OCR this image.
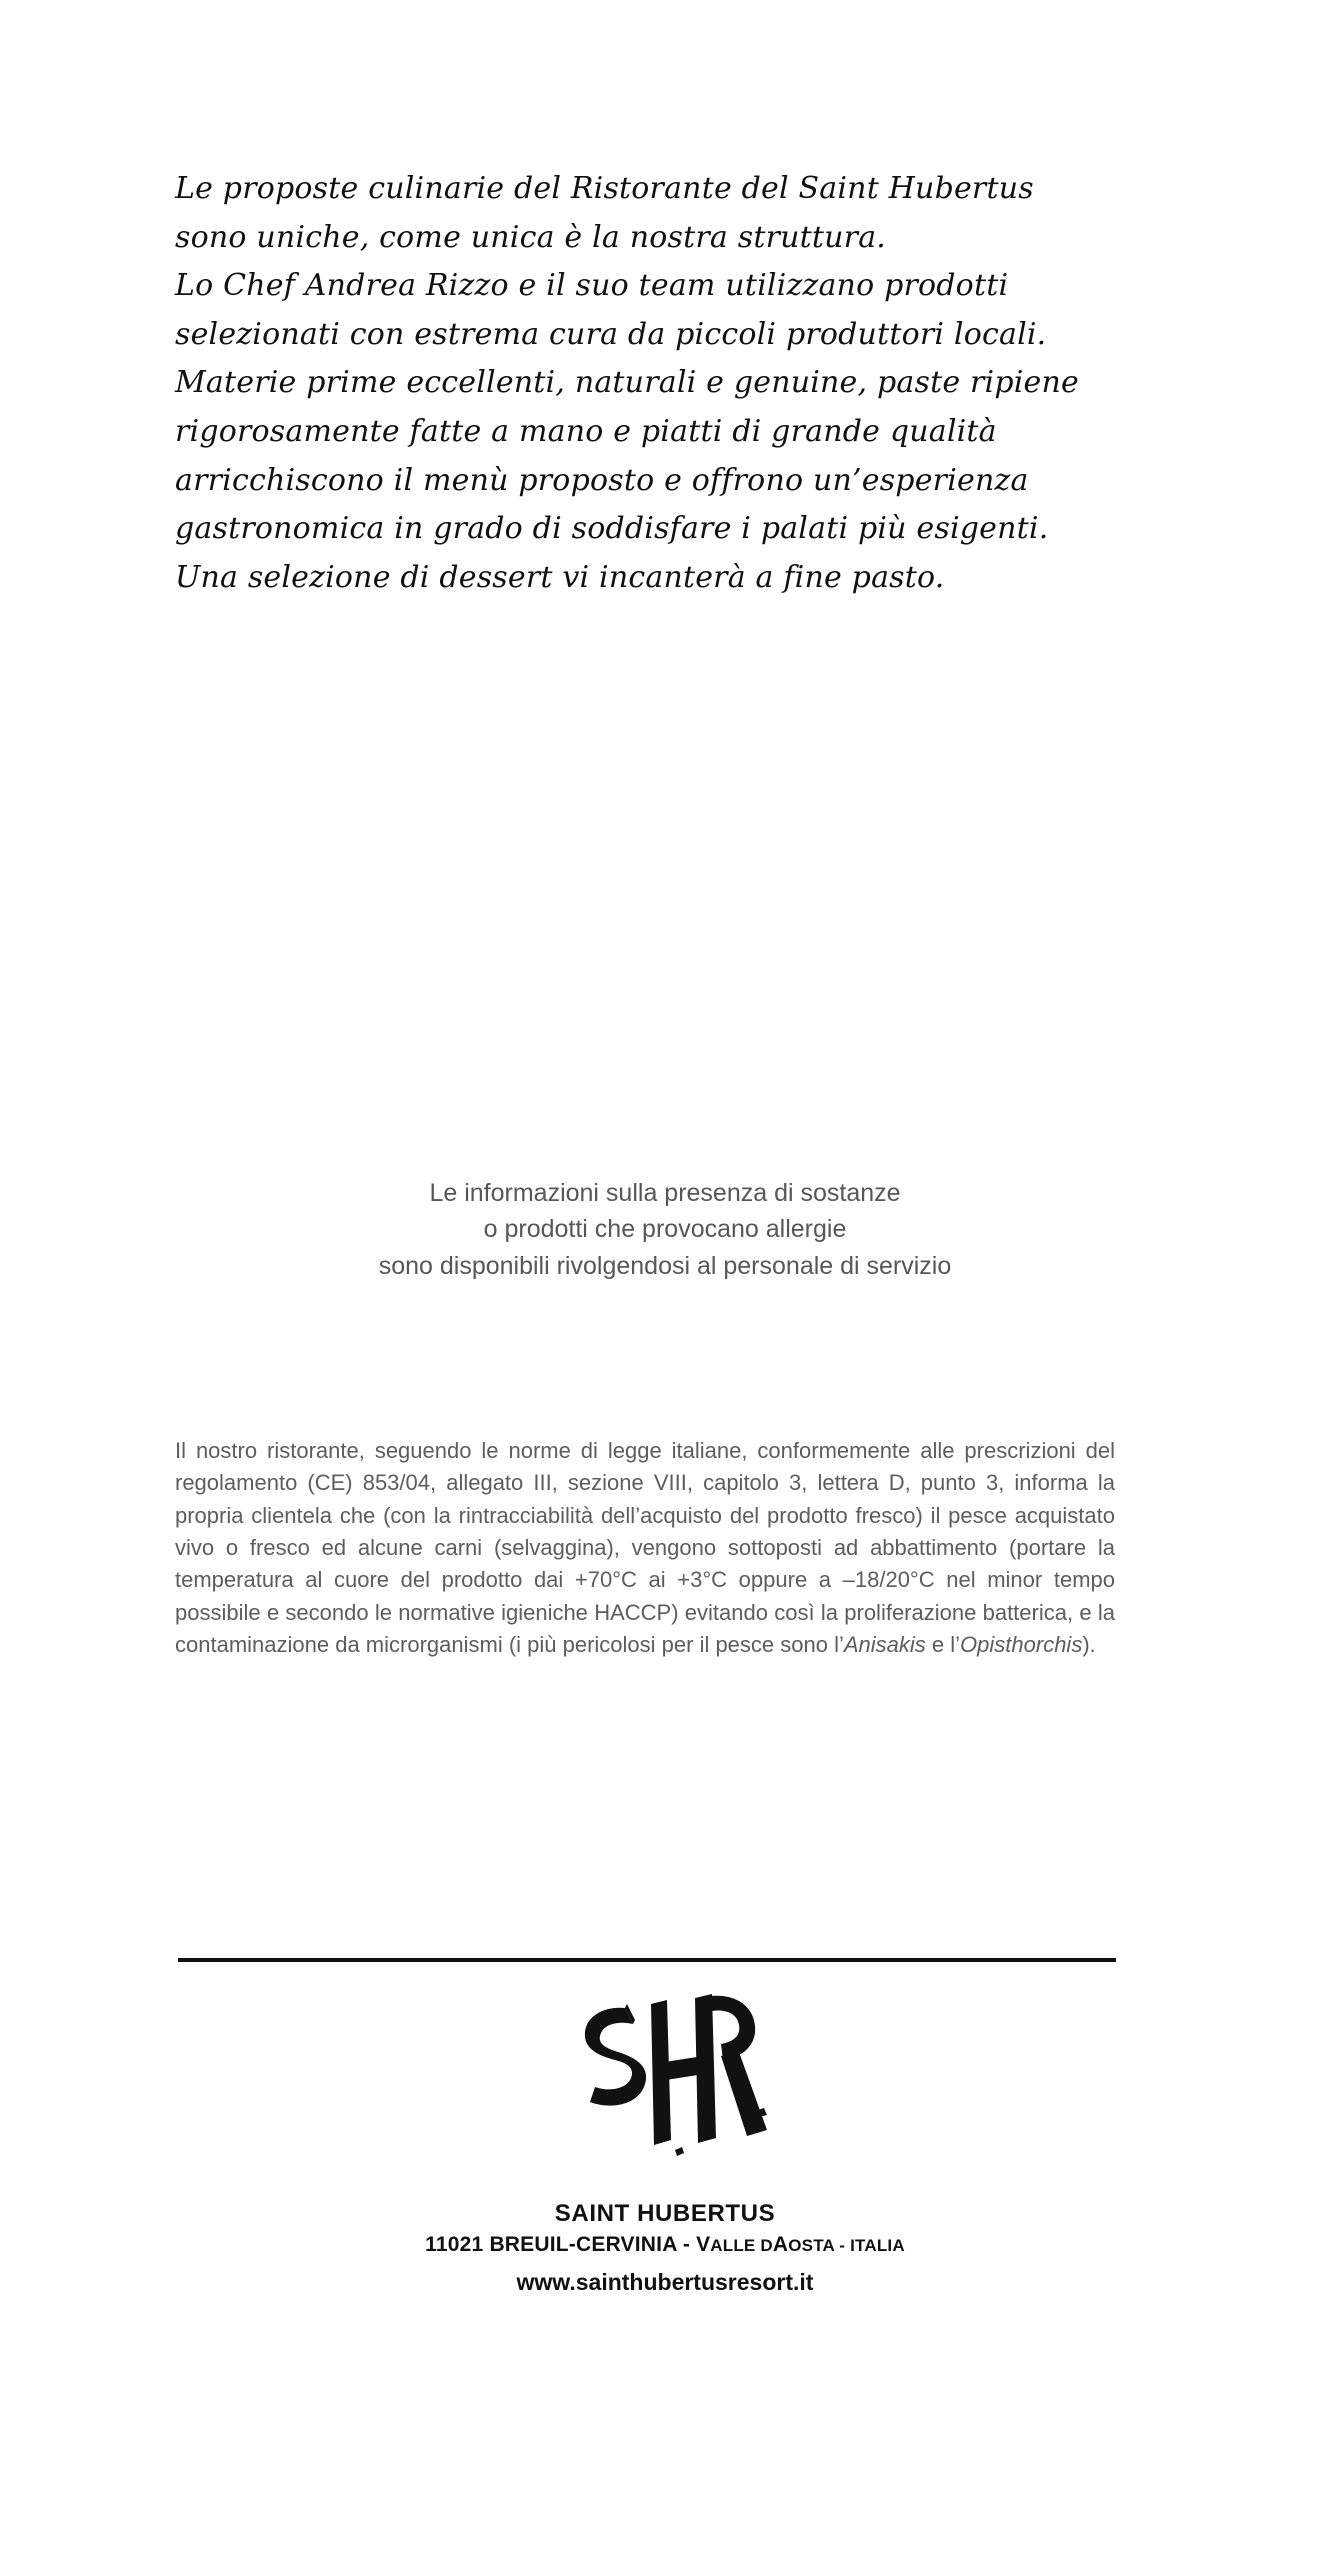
Le proposte culinarie del Ristorante del Saint Hubertus

sono uniche, come unica è la nostra struttura.

Lo Chef Andrea Rizzo e il suo team utilizzano prodotti

selezionati con estrema cura da piccoli produttori locali.

Materie prime eccellenti, naturali e genuine, paste ripiene

rigorosamente fatte a mano e piatti di grande qualità

arricchiscono il menù proposto e offrono un’esperienza

gastronomica in grado di soddisfare i palati più esigenti.

Una selezione di dessert vi incanterà a fine pasto.

Le informazioni sulla presenza di sostanze

o prodotti che provocano allergie

sono disponibili rivolgendosi al personale di servizio

Il nostro ristorante, seguendo le norme di legge italiane, conformemente alle prescrizioni del regolamento (CE) 853/04, allegato III, sezione VIII, capitolo 3, lettera D, punto 3, informa la propria clientela che (con la rintracciabilità dell’acquisto del prodotto fresco) il pesce acquistato vivo o fresco ed alcune carni (selvaggina), vengono sottoposti ad abbattimento (portare la temperatura al cuore del prodotto dai +70°C ai +3°C oppure a –18/20°C nel minor tempo possibile e secondo le normative igieniche HACCP) evitando così la proliferazione batterica, e la contaminazione da microrganismi (i più pericolosi per il pesce sono l’Anisakis e l’Opisthorchis).

SAINT HUBERTUS

11021 BREUIL-CERVINIA - VALLE DAOSTA - ITALIA

www.sainthubertusresort.it
